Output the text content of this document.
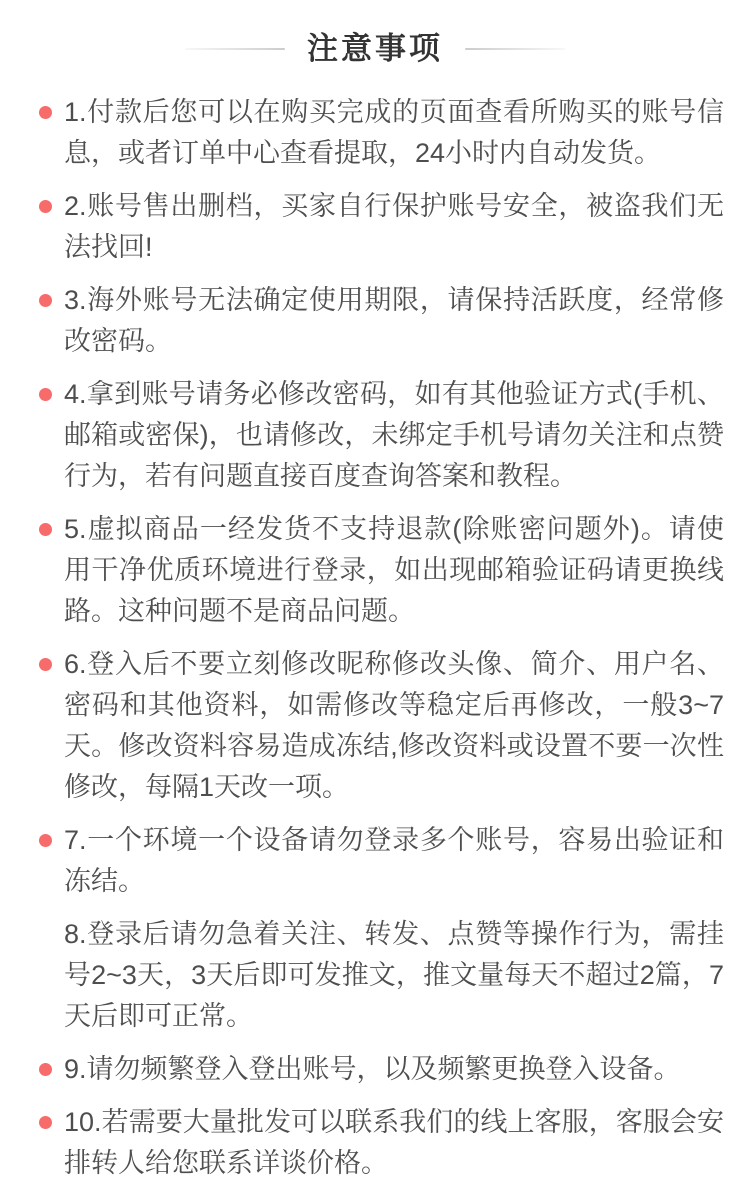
注意事项
1.付款后您可以在购买完成的页面查看所购买的账号信息，或者订单中心查看提取，24小时内自动发货。
2.账号售出删档，买家自行保护账号安全，被盗我们无法找回!
3.海外账号无法确定使用期限，请保持活跃度，经常修改密码。
4.拿到账号请务必修改密码，如有其他验证方式(手机、邮箱或密保)，也请修改，未绑定手机号请勿关注和点赞行为，若有问题直接百度查询答案和教程。
5.虚拟商品一经发货不支持退款(除账密问题外)。请使用干净优质环境进行登录，如出现邮箱验证码请更换线路。这种问题不是商品问题。
6.登入后不要立刻修改昵称修改头像、简介、用户名、密码和其他资料，如需修改等稳定后再修改，一般3~7天。修改资料容易造成冻结,修改资料或设置不要一次性修改，每隔1天改一项。
7.一个环境一个设备请勿登录多个账号，容易出验证和冻结。
8.登录后请勿急着关注、转发、点赞等操作行为，需挂号2~3天，3天后即可发推文，推文量每天不超过2篇，7天后即可正常。
9.请勿频繁登入登出账号，以及频繁更换登入设备。
10.若需要大量批发可以联系我们的线上客服，客服会安排转人给您联系详谈价格。
